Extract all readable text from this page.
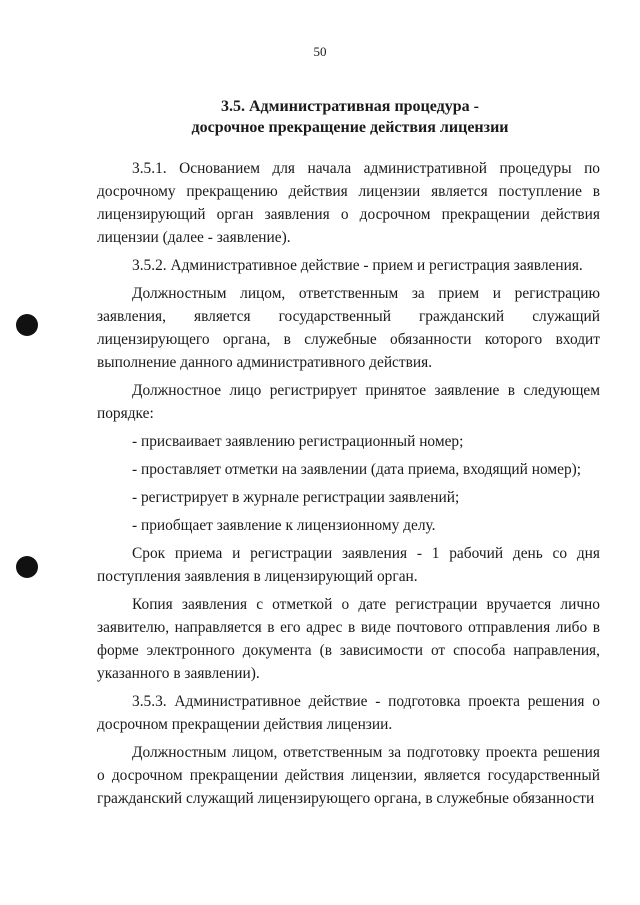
50
3.5. Административная процедура -
досрочное прекращение действия лицензии

3.5.1. Основанием для начала административной процедуры по досрочному прекращению действия лицензии является поступление в лицензирующий орган заявления о досрочном прекращении действия лицензии (далее - заявление).

3.5.2. Административное действие - прием и регистрация заявления.

Должностным лицом, ответственным за прием и регистрацию заявления, является государственный гражданский служащий лицензирующего органа, в служебные обязанности которого входит выполнение данного административного действия.

Должностное лицо регистрирует принятое заявление в следующем порядке:

- присваивает заявлению регистрационный номер;

- проставляет отметки на заявлении (дата приема, входящий номер);

- регистрирует в журнале регистрации заявлений;

- приобщает заявление к лицензионному делу.

Срок приема и регистрации заявления - 1 рабочий день со дня поступления заявления в лицензирующий орган.

Копия заявления с отметкой о дате регистрации вручается лично заявителю, направляется в его адрес в виде почтового отправления либо в форме электронного документа (в зависимости от способа направления, указанного в заявлении).

3.5.3. Административное действие - подготовка проекта решения о досрочном прекращении действия лицензии.

Должностным лицом, ответственным за подготовку проекта решения о досрочном прекращении действия лицензии, является государственный гражданский служащий лицензирующего органа, в служебные обязанности
